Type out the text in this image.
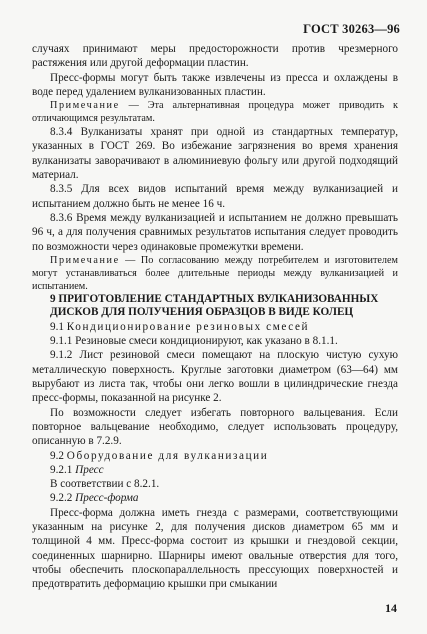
ГОСТ 30263—96

случаях принимают меры предосторожности против чрезмерного растяжения или другой деформации пластин.

Пресс-формы могут быть также извлечены из пресса и охлаждены в воде перед удалением вулканизованных пластин.

Примечание — Эта альтернативная процедура может приводить к отличающимся результатам.

8.3.4 Вулканизаты хранят при одной из стандартных температур, указанных в ГОСТ 269. Во избежание загрязнения во время хранения вулканизаты заворачивают в алюминиевую фольгу или другой подходящий материал.

8.3.5 Для всех видов испытаний время между вулканизацией и испытанием должно быть не менее 16 ч.

8.3.6 Время между вулканизацией и испытанием не должно превышать 96 ч, а для получения сравнимых результатов испытания следует проводить по возможности через одинаковые промежутки времени.

Примечание — По согласованию между потребителем и изготовителем могут устанавливаться более длительные периоды между вулканизацией и испытанием.

9 ПРИГОТОВЛЕНИЕ СТАНДАРТНЫХ ВУЛКАНИЗОВАННЫХ ДИСКОВ ДЛЯ ПОЛУЧЕНИЯ ОБРАЗЦОВ В ВИДЕ КОЛЕЦ

9.1 Кондиционирование резиновых смесей

9.1.1 Резиновые смеси кондиционируют, как указано в 8.1.1.

9.1.2 Лист резиновой смеси помещают на плоскую чистую сухую металлическую поверхность. Круглые заготовки диаметром (63—64) мм вырубают из листа так, чтобы они легко вошли в цилиндрические гнезда пресс-формы, показанной на рисунке 2.

По возможности следует избегать повторного вальцевания. Если повторное вальцевание необходимо, следует использовать процедуру, описанную в 7.2.9.

9.2 Оборудование для вулканизации

9.2.1 Пресс

В соответствии с 8.2.1.

9.2.2 Пресс-форма

Пресс-форма должна иметь гнезда с размерами, соответствующими указанным на рисунке 2, для получения дисков диаметром 65 мм и толщиной 4 мм. Пресс-форма состоит из крышки и гнездовой секции, соединенных шарнирно. Шарниры имеют овальные отверстия для того, чтобы обеспечить плоскопараллельность прессующих поверхностей и предотвратить деформацию крышки при смыкании

14
